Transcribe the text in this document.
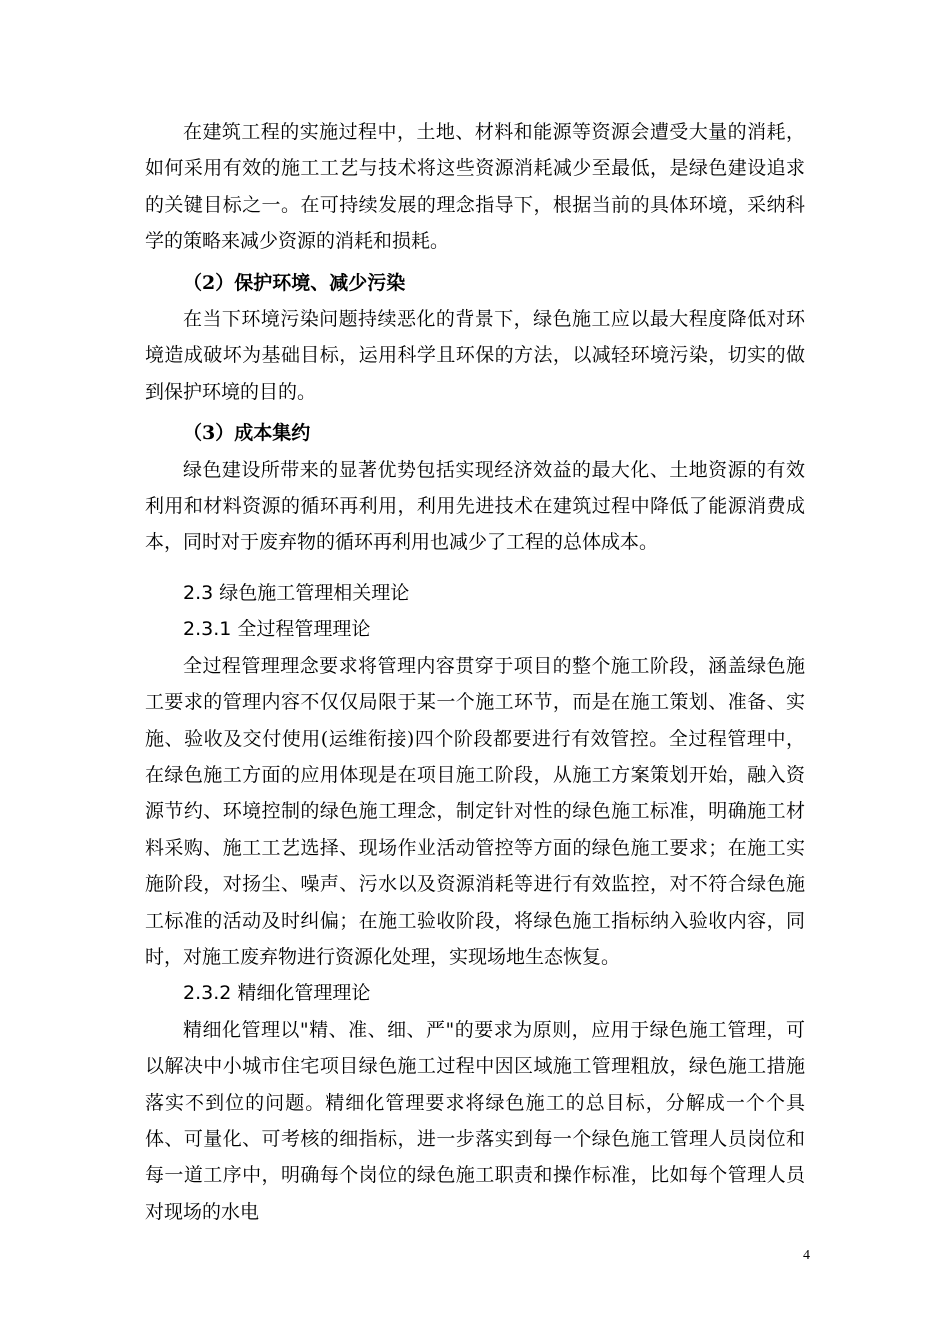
在建筑工程的实施过程中，土地、材料和能源等资源会遭受大量的消耗，如何采用有效的施工工艺与技术将这些资源消耗减少至最低，是绿色建设追求的关键目标之一。在可持续发展的理念指导下，根据当前的具体环境，采纳科学的策略来减少资源的消耗和损耗。

（2）保护环境、减少污染

在当下环境污染问题持续恶化的背景下，绿色施工应以最大程度降低对环境造成破坏为基础目标，运用科学且环保的方法，以减轻环境污染，切实的做到保护环境的目的。

（3）成本集约

绿色建设所带来的显著优势包括实现经济效益的最大化、土地资源的有效利用和材料资源的循环再利用，利用先进技术在建筑过程中降低了能源消费成本，同时对于废弃物的循环再利用也减少了工程的总体成本。

2.3 绿色施工管理相关理论

2.3.1 全过程管理理论

全过程管理理念要求将管理内容贯穿于项目的整个施工阶段，涵盖绿色施工要求的管理内容不仅仅局限于某一个施工环节，而是在施工策划、准备、实施、验收及交付使用(运维衔接)四个阶段都要进行有效管控。全过程管理中，在绿色施工方面的应用体现是在项目施工阶段，从施工方案策划开始，融入资源节约、环境控制的绿色施工理念，制定针对性的绿色施工标准，明确施工材料采购、施工工艺选择、现场作业活动管控等方面的绿色施工要求；在施工实施阶段，对扬尘、噪声、污水以及资源消耗等进行有效监控，对不符合绿色施工标准的活动及时纠偏；在施工验收阶段，将绿色施工指标纳入验收内容，同时，对施工废弃物进行资源化处理，实现场地生态恢复。

2.3.2 精细化管理理论

精细化管理以"精、准、细、严"的要求为原则，应用于绿色施工管理，可以解决中小城市住宅项目绿色施工过程中因区域施工管理粗放，绿色施工措施落实不到位的问题。精细化管理要求将绿色施工的总目标，分解成一个个具体、可量化、可考核的细指标，进一步落实到每一个绿色施工管理人员岗位和每一道工序中，明确每个岗位的绿色施工职责和操作标准，比如每个管理人员对现场的水电

4
